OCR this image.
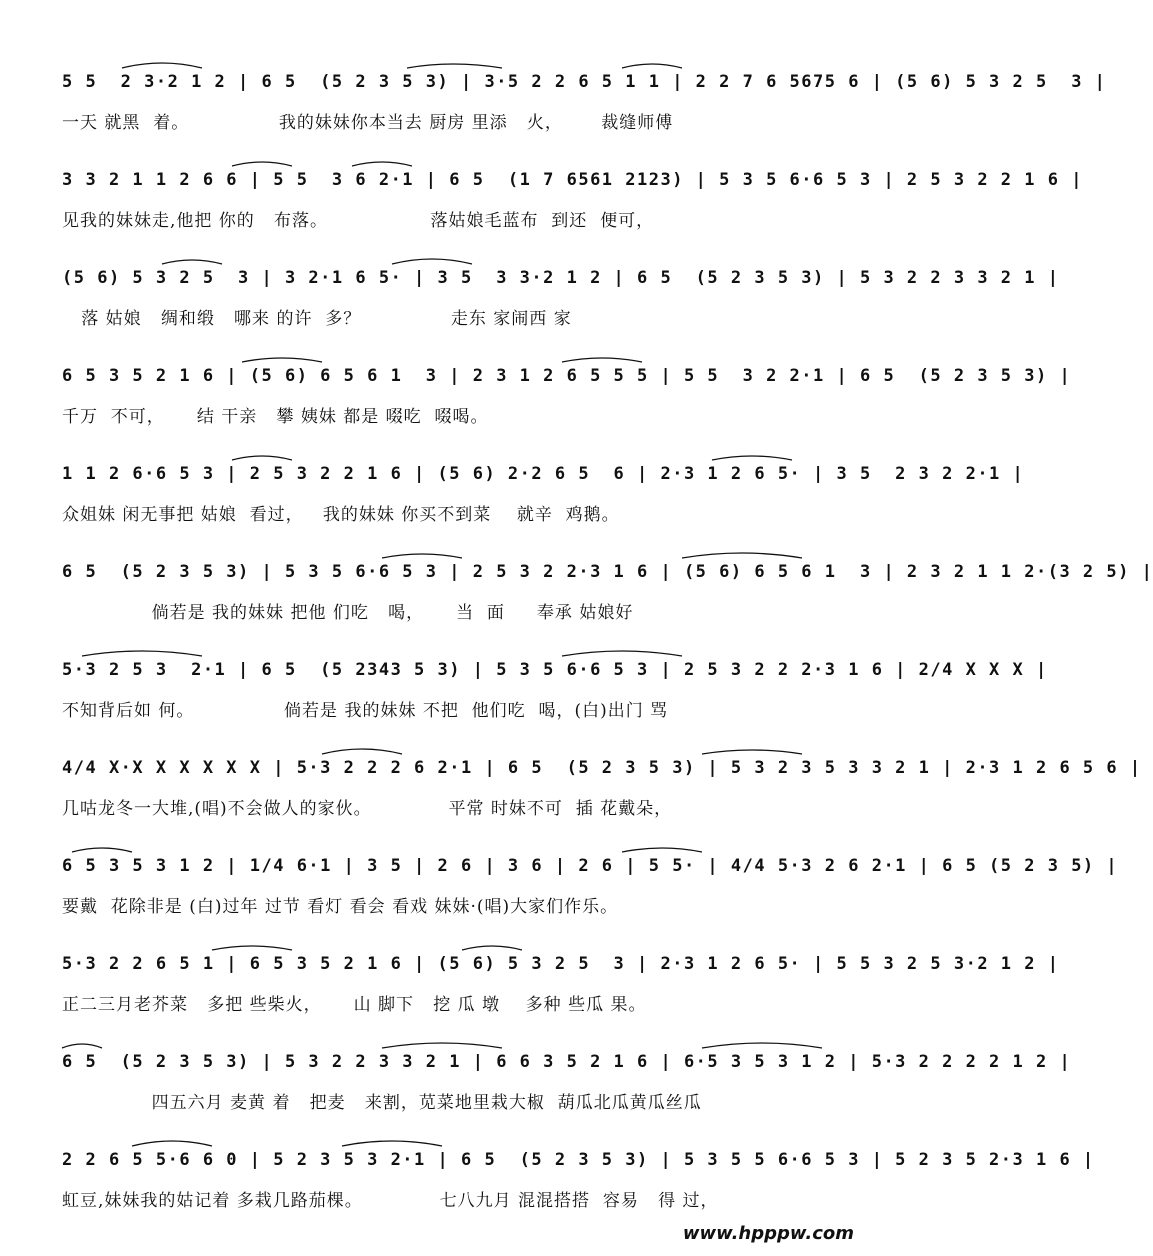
5 5  2 3·2 1 2 | 6 5  (5 2 3 5 3) | 3·5 2 2 6 5 1 1 | 2 2 7 6 5675 6 | (5 6) 5 3 2 5  3 |
一天 就黑  着。              我的妹妹你本当去 厨房 里添   火，      裁缝师傅
3 3 2 1 1 2 6 6 | 5 5  3 6 2·1 | 6 5  (1 7 6561 2123) | 5 3 5 6·6 5 3 | 2 5 3 2 2 1 6 |
见我的妹妹走,他把 你的   布落。                落姑娘毛蓝布  到还  便可，
(5 6) 5 3 2 5  3 | 3 2·1 6 5· | 3 5  3 3·2 1 2 | 6 5  (5 2 3 5 3) | 5 3 2 2 3 3 2 1 |
落 姑娘   绸和缎   哪来 的许  多？              走东 家闹西 家
6 5 3 5 2 1 6 | (5 6) 6 5 6 1  3 | 2 3 1 2 6 5 5 5 | 5 5  3 2 2·1 | 6 5  (5 2 3 5 3) |
千万  不可，     结 干亲   攀 姨妹 都是 啜吃  啜喝。
1 1 2 6·6 5 3 | 2 5 3 2 2 1 6 | (5 6) 2·2 6 5  6 | 2·3 1 2 6 5· | 3 5  2 3 2 2·1 |
众姐妹 闲无事把 姑娘  看过，   我的妹妹 你买不到菜    就辛  鸡鹅。
6 5  (5 2 3 5 3) | 5 3 5 6·6 5 3 | 2 5 3 2 2·3 1 6 | (5 6) 6 5 6 1  3 | 2 3 2 1 1 2·(3 2 5) |
倘若是 我的妹妹 把他 们吃   喝，     当  面     奉承 姑娘好
5·3 2 5 3  2·1 | 6 5  (5 2343 5 3) | 5 3 5 6·6 5 3 | 2 5 3 2 2 2·3 1 6 | 2/4 X X X |
不知背后如 何。              倘若是 我的妹妹 不把  他们吃  喝，(白)出门 骂
4/4 X·X X X X X X | 5·3 2 2 2 6 2·1 | 6 5  (5 2 3 5 3) | 5 3 2 3 5 3 3 2 1 | 2·3 1 2 6 5 6 |
几咕龙冬一大堆,(唱)不会做人的家伙。            平常 时妹不可  插 花戴朵，
6 5 3 5 3 1 2 | 1/4 6·1 | 3 5 | 2 6 | 3 6 | 2 6 | 5 5· | 4/4 5·3 2 6 2·1 | 6 5 (5 2 3 5) |
要戴  花除非是 (白)过年 过节 看灯 看会 看戏 妹妹·(唱)大家们作乐。
5·3 2 2 6 5 1 | 6 5 3 5 2 1 6 | (5 6) 5 3 2 5  3 | 2·3 1 2 6 5· | 5 5 3 2 5 3·2 1 2 |
正二三月老芥菜   多把 些柴火，     山 脚下   挖 瓜 墩    多种 些瓜 果。
6 5  (5 2 3 5 3) | 5 3 2 2 3 3 2 1 | 6 6 3 5 2 1 6 | 6·5 3 5 3 1 2 | 5·3 2 2 2 2 1 2 |
四五六月 麦黄 着   把麦   来割，苋菜地里栽大椒  葫瓜北瓜黄瓜丝瓜
2 2 6 5 5·6 6 0 | 5 2 3 5 3 2·1 | 6 5  (5 2 3 5 3) | 5 3 5 5 6·6 5 3 | 5 2 3 5 2·3 1 6 |
虹豆,妹妹我的姑记着 多栽几路茄棵。            七八九月 混混搭搭  容易   得 过，
www.hpppw.com
